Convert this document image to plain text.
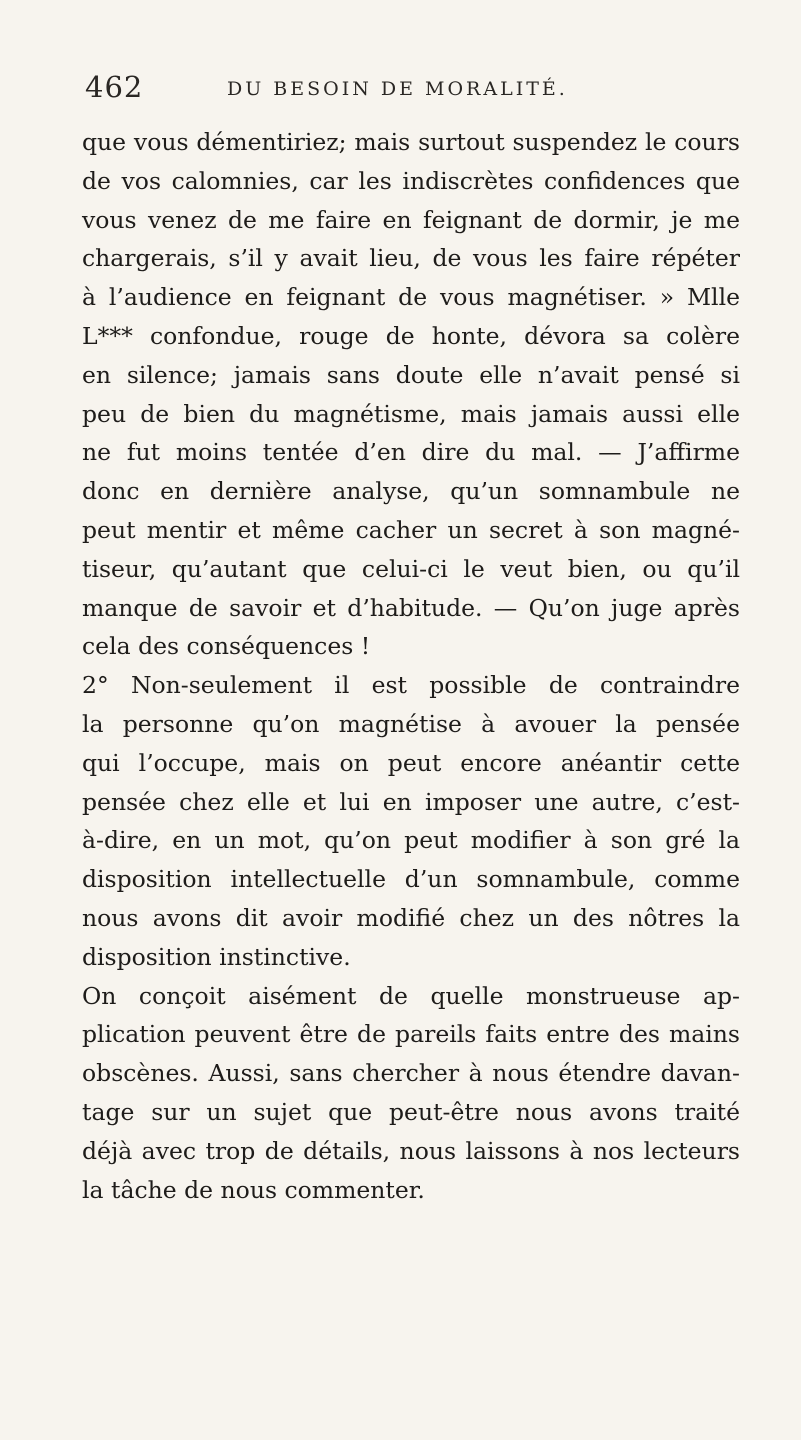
462	DU BESOIN DE MORALITÉ.
que vous démentiriez; mais surtout suspendez le cours
de vos calomnies, car les indiscrètes confidences que
vous venez de me faire en feignant de dormir, je me
chargerais, s’il y avait lieu, de vous les faire répéter
à l’audience en feignant de vous magnétiser. » Mlle
L*** confondue, rouge de honte, dévora sa colère
en silence; jamais sans doute elle n’avait pensé si
peu de bien du magnétisme, mais jamais aussi elle
ne fut moins tentée d’en dire du mal. — J’affirme
donc en dernière analyse, qu’un somnambule ne
peut mentir et même cacher un secret à son magné-
tiseur, qu’autant que celui-ci le veut bien, ou qu’il
manque de savoir et d’habitude. — Qu’on juge après
cela des conséquences !
2° Non-seulement il est possible de contraindre
la personne qu’on magnétise à avouer la pensée
qui l’occupe, mais on peut encore anéantir cette
pensée chez elle et lui en imposer une autre, c’est-
à-dire, en un mot, qu’on peut modifier à son gré la
disposition intellectuelle d’un somnambule, comme
nous avons dit avoir modifié chez un des nôtres la
disposition instinctive.
On conçoit aisément de quelle monstrueuse ap-
plication peuvent être de pareils faits entre des mains
obscènes. Aussi, sans chercher à nous étendre davan-
tage sur un sujet que peut-être nous avons traité
déjà avec trop de détails, nous laissons à nos lecteurs
la tâche de nous commenter.
